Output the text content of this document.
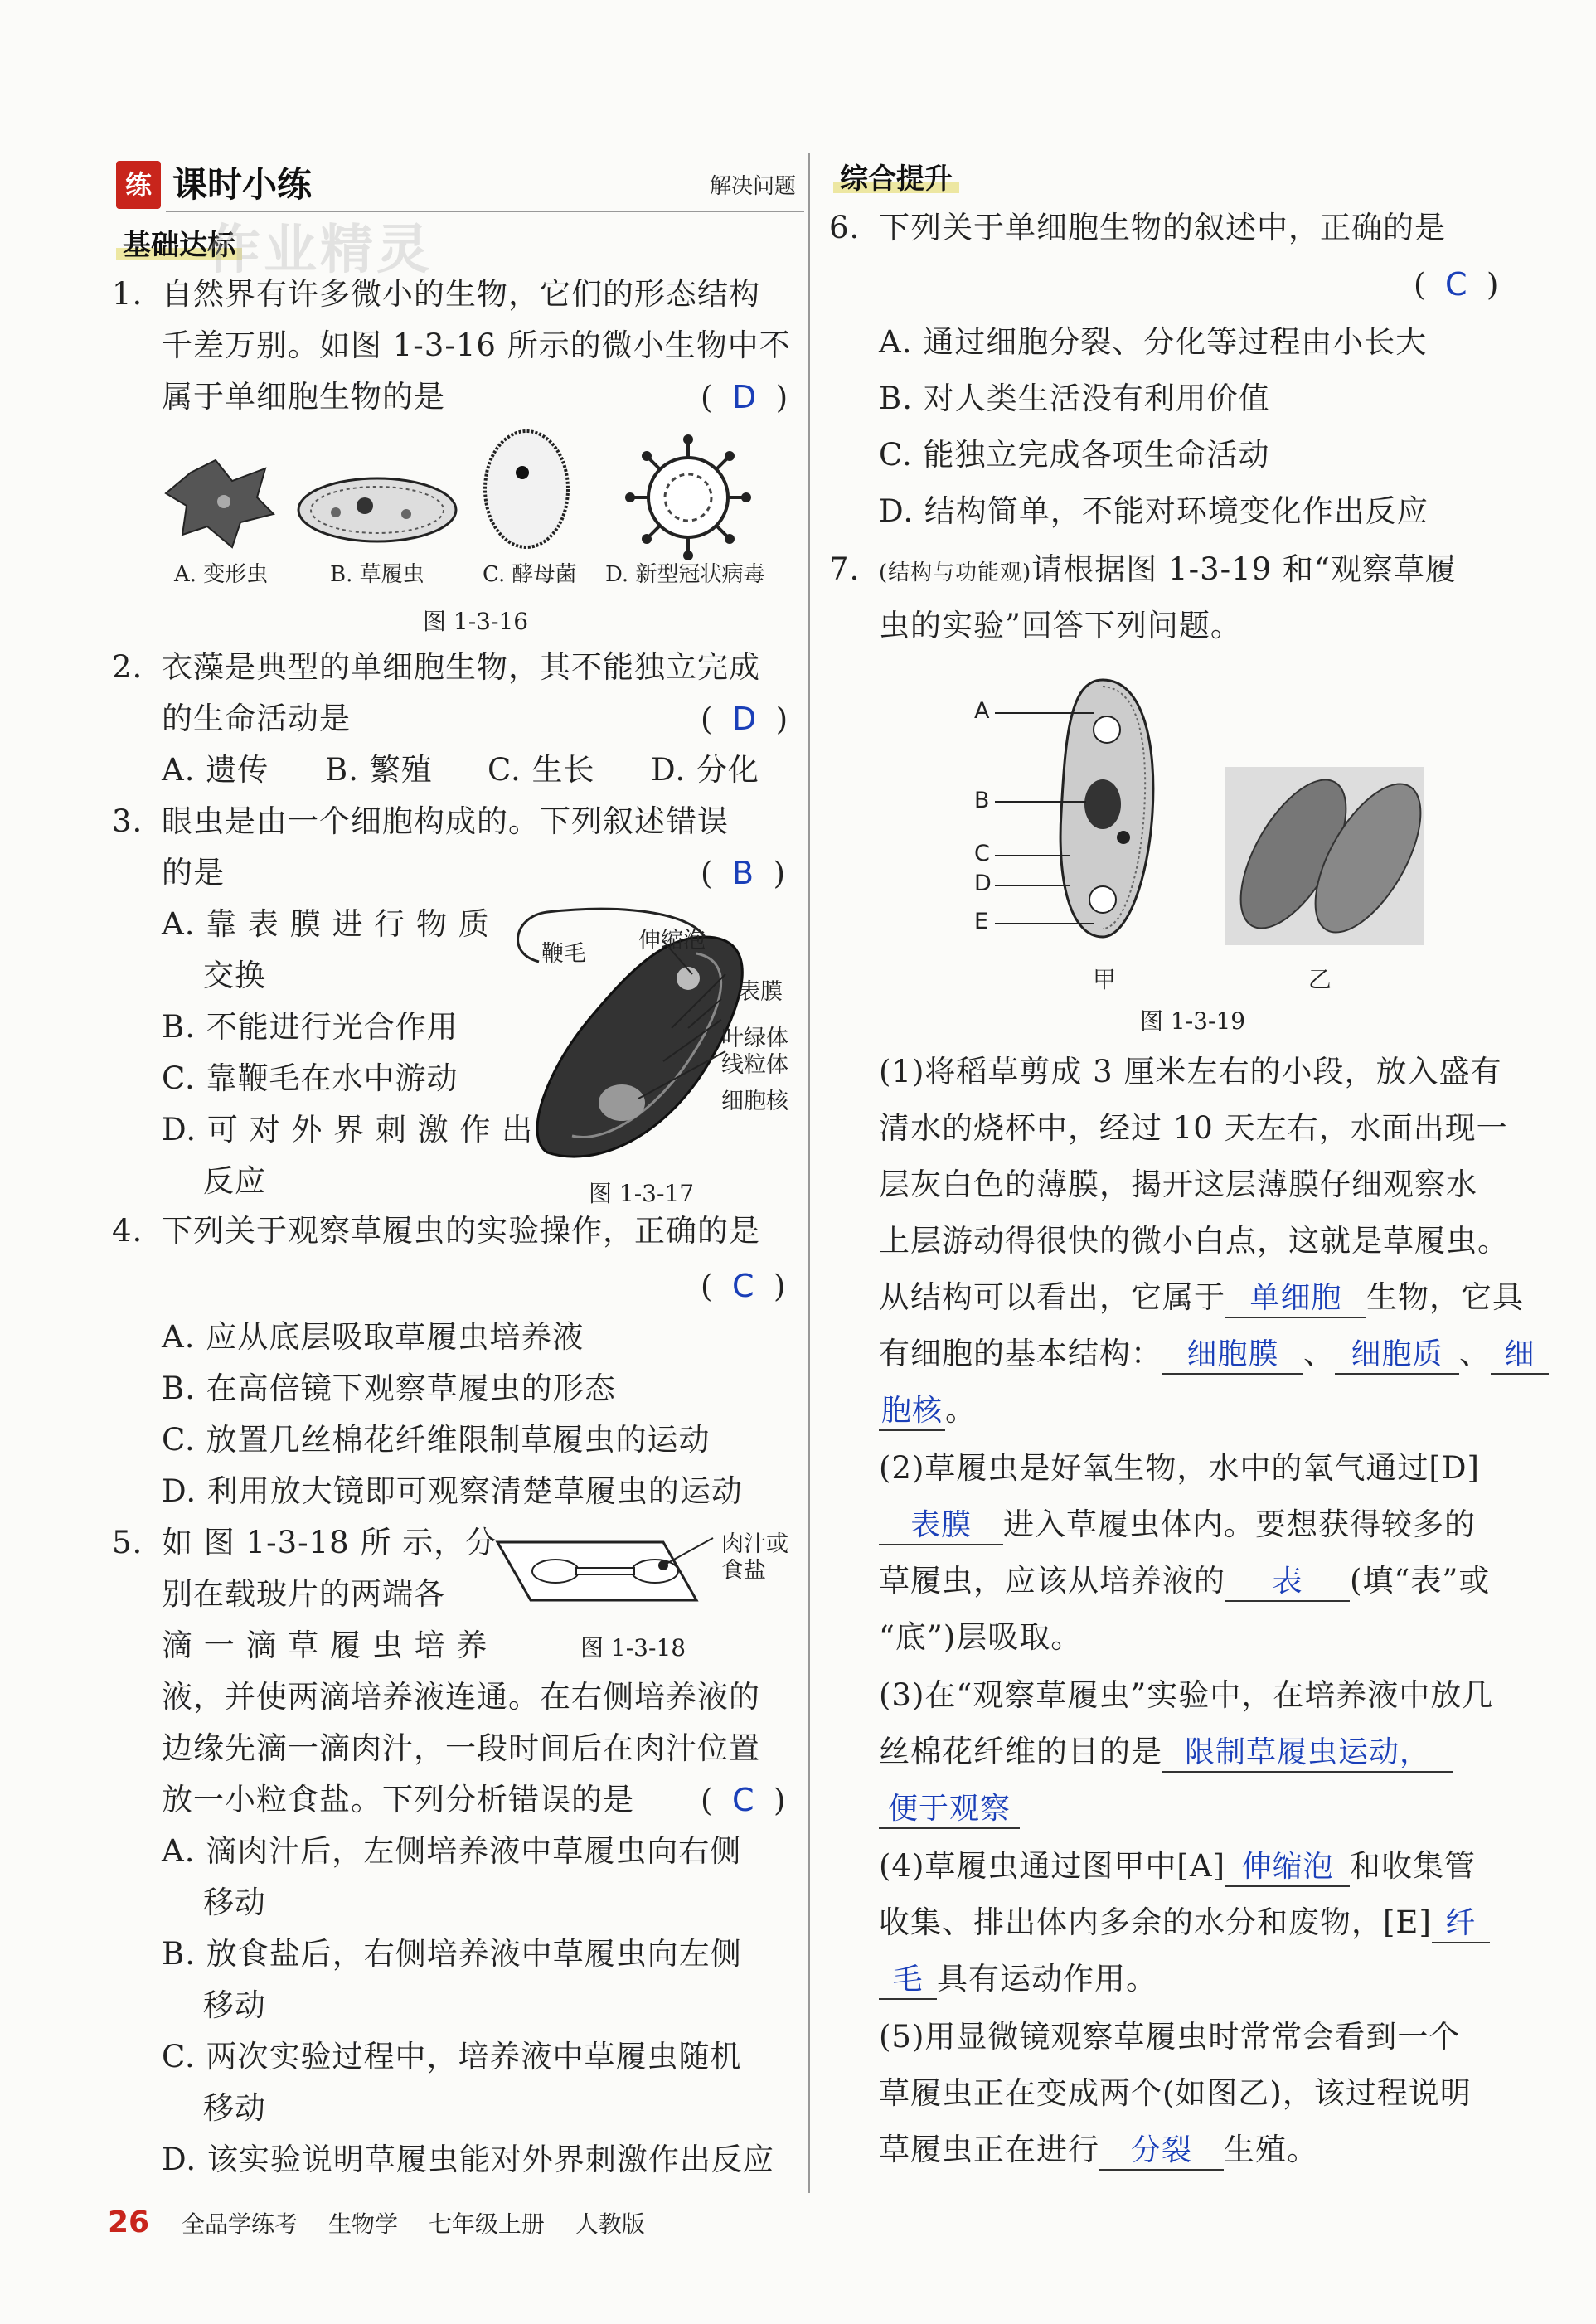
练 课时小练	解决问题
基础达标
作业精灵
1. 自然界有许多微小的生物，它们的形态结构
千差万别。如图 1-3-16 所示的微小生物中不
属于单细胞生物的是	(  D  )
A. 变形虫	B. 草履虫	C. 酵母菌 D. 新型冠状病毒
图 1-3-16
2. 衣藻是典型的单细胞生物，其不能独立完成
的生命活动是	(  D  )
A. 遗传 B. 繁殖 C. 生长 D. 分化
3. 眼虫是由一个细胞构成的。下列叙述错误
的是	(  B  )
A. 靠 表 膜 进 行 物 质
交换
B. 不能进行光合作用
C. 靠鞭毛在水中游动
D. 可 对 外 界 刺 激 作 出
反应
鞭毛
伸缩泡
表膜
叶绿体
线粒体
细胞核
图 1-3-17
4. 下列关于观察草履虫的实验操作，正确的是
(  C  )
A. 应从底层吸取草履虫培养液
B. 在高倍镜下观察草履虫的形态
C. 放置几丝棉花纤维限制草履虫的运动
D. 利用放大镜即可观察清楚草履虫的运动
5. 如 图 1-3-18 所 示，分
别在载玻片的两端各
滴 一 滴 草 履 虫 培 养
肉汁或
食盐
图 1-3-18
液，并使两滴培养液连通。在右侧培养液的
边缘先滴一滴肉汁，一段时间后在肉汁位置
放一小粒食盐。下列分析错误的是 (  C  )
A. 滴肉汁后，左侧培养液中草履虫向右侧
移动
B. 放食盐后，右侧培养液中草履虫向左侧
移动
C. 两次实验过程中，培养液中草履虫随机
移动
D. 该实验说明草履虫能对外界刺激作出反应
综合提升
6. 下列关于单细胞生物的叙述中，正确的是
(  C  )
A. 通过细胞分裂、分化等过程由小长大
B. 对人类生活没有利用价值
C. 能独立完成各项生命活动
D. 结构简单，不能对环境变化作出反应
7. (结构与功能观)请根据图 1-3-19 和“观察草履
虫的实验”回答下列问题。
A
B
C
D
E
甲	乙
图 1-3-19
(1)将稻草剪成 3 厘米左右的小段，放入盛有
清水的烧杯中，经过 10 天左右，水面出现一
层灰白色的薄膜，揭开这层薄膜仔细观察水
上层游动得很快的微小白点，这就是草履虫。
从结构可以看出，它属于 单细胞 生物，它具
有细胞的基本结构： 细胞膜 、 细胞质 、 细
胞核。
(2)草履虫是好氧生物，水中的氧气通过[D]
表膜 进入草履虫体内。要想获得较多的
草履虫，应该从培养液的 表 (填“表”或
“底”)层吸取。
(3)在“观察草履虫”实验中，在培养液中放几
丝棉花纤维的目的是 限制草履虫运动，
便于观察
(4)草履虫通过图甲中[A] 伸缩泡 和收集管
收集、排出体内多余的水分和废物，[E] 纤
毛 具有运动作用。
(5)用显微镜观察草履虫时常常会看到一个
草履虫正在变成两个(如图乙)，该过程说明
草履虫正在进行 分裂 生殖。
26 全品学练考 生物学 七年级上册 人教版
